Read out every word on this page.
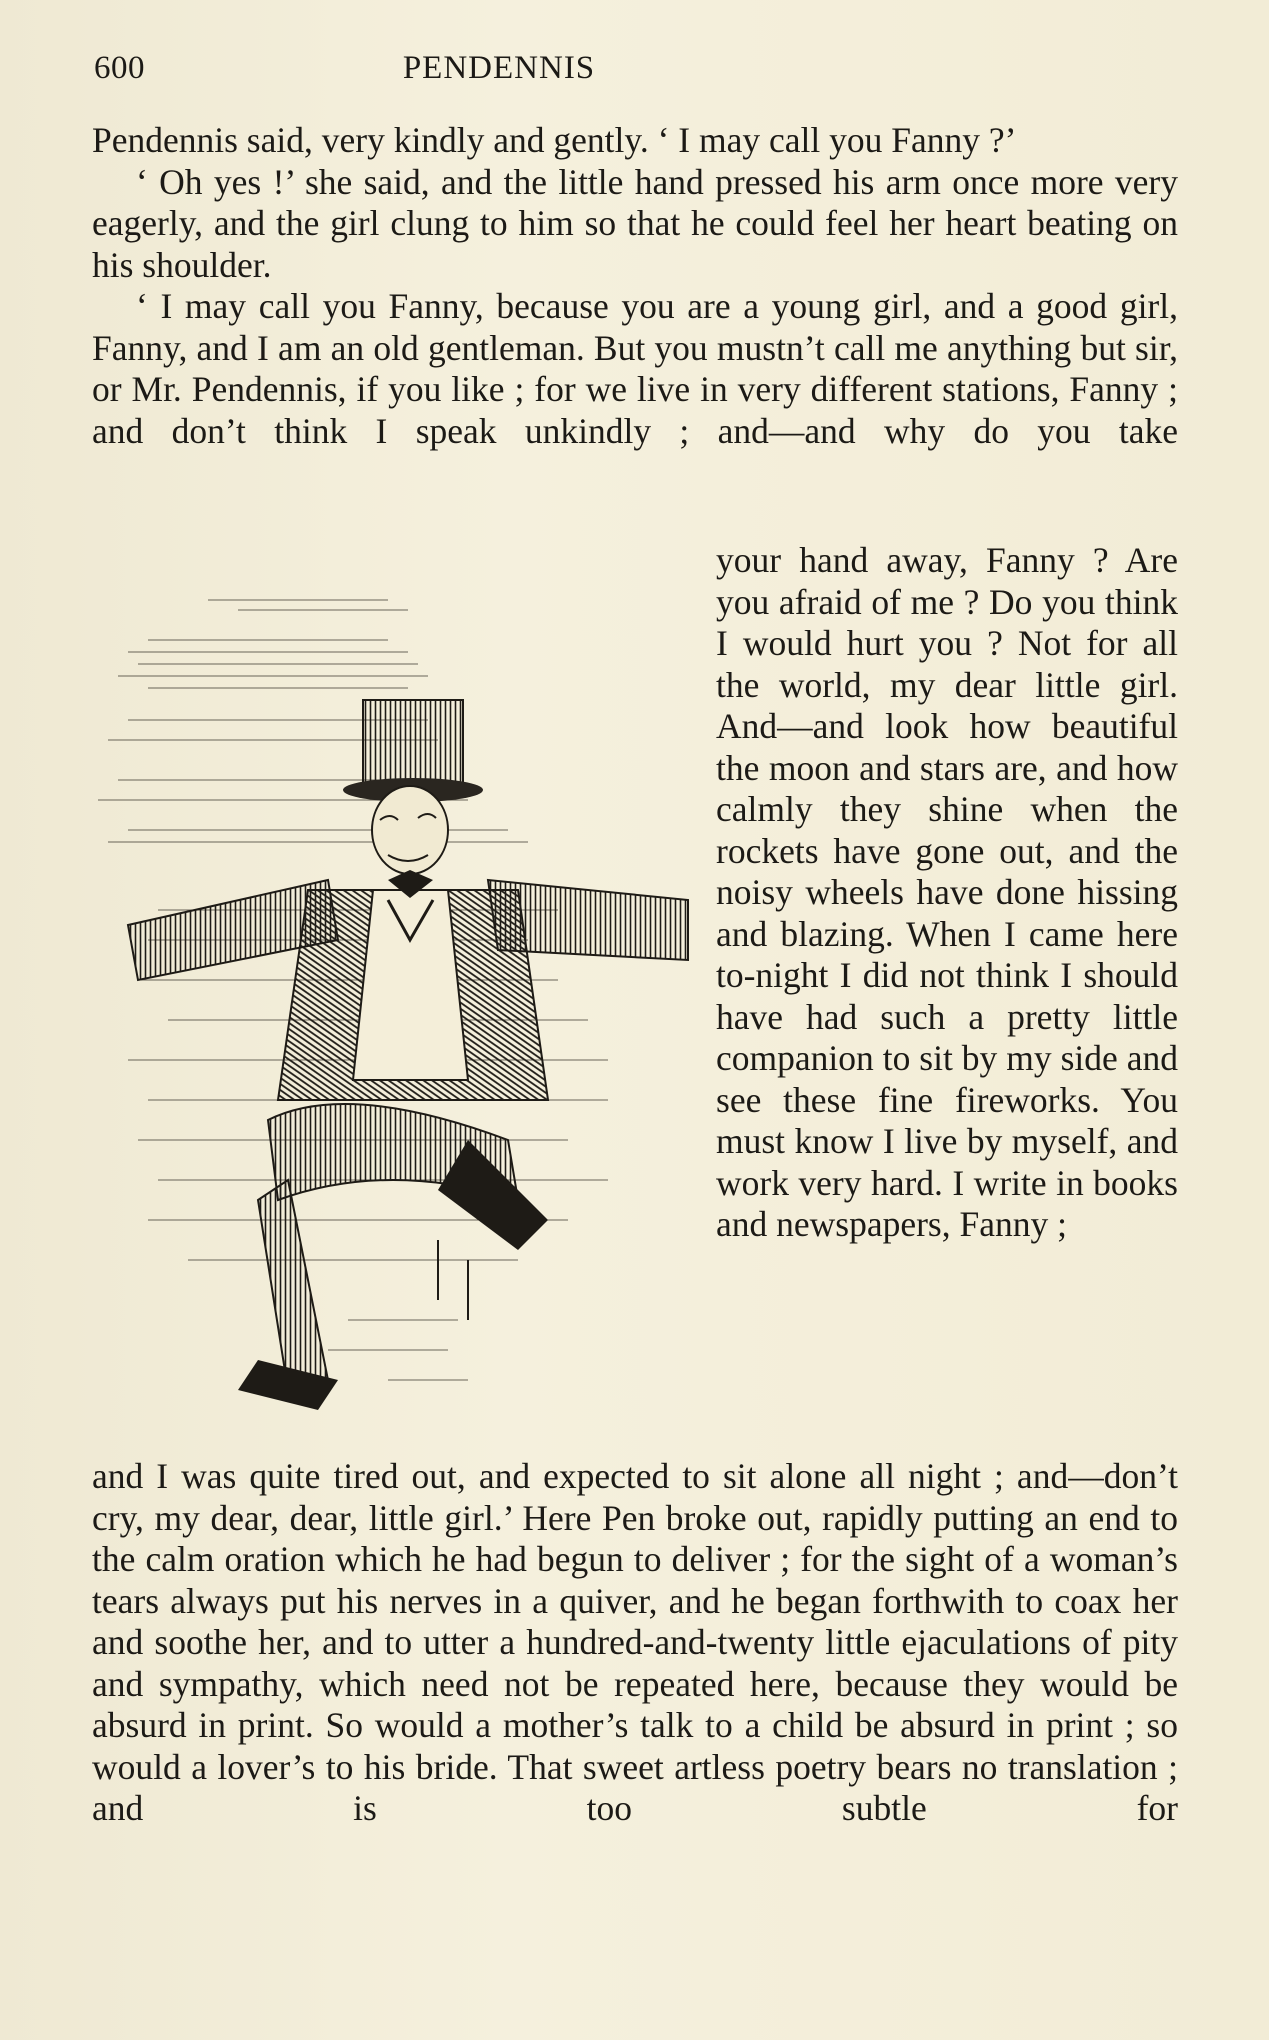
600	PENDENNIS

Pendennis said, very kindly and gently. ‘ I may call you Fanny ?’

‘ Oh yes !’ she said, and the little hand pressed his arm once more very eagerly, and the girl clung to him so that he could feel her heart beating on his shoulder.

‘ I may call you Fanny, because you are a young girl, and a good girl, Fanny, and I am an old gentleman. But you mustn’t call me anything but sir, or Mr. Pendennis, if you like ; for we live in very different stations, Fanny ; and don’t think I speak unkindly ; and—and why do you take

your hand away, Fanny ? Are you afraid of me ? Do you think I would hurt you ? Not for all the world, my dear little girl. And—and look how beautiful the moon and stars are, and how calmly they shine when the rockets have gone out, and the noisy wheels have done hissing and blazing. When I came here to-night I did not think I should have had such a pretty little companion to sit by my side and see these fine fireworks. You must know I live by myself, and work very hard. I write in books and newspapers, Fanny ;

and I was quite tired out, and expected to sit alone all night ; and—don’t cry, my dear, dear, little girl.’ Here Pen broke out, rapidly putting an end to the calm oration which he had begun to deliver ; for the sight of a woman’s tears always put his nerves in a quiver, and he began forthwith to coax her and soothe her, and to utter a hundred-and-twenty little ejaculations of pity and sympathy, which need not be repeated here, because they would be absurd in print. So would a mother’s talk to a child be absurd in print ; so would a lover’s to his bride. That sweet artless poetry bears no translation ; and is too subtle for
